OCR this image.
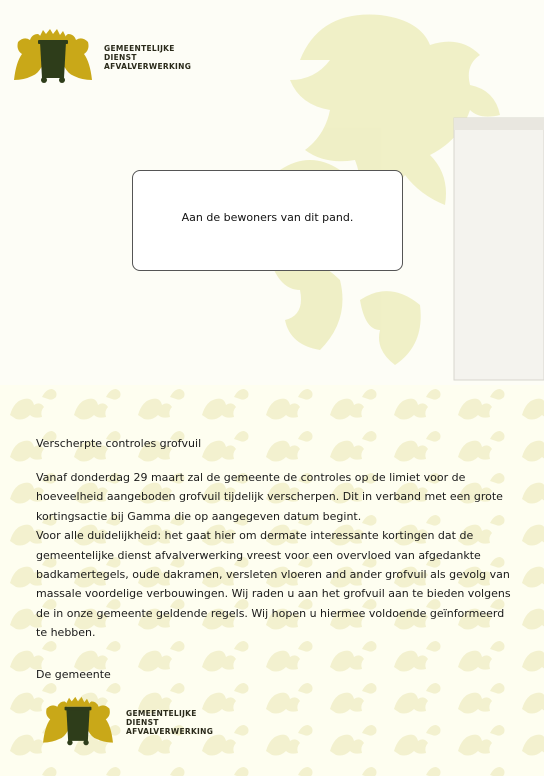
GEMEENTELIJKE
DIENST
AFVALVERWERKING
Aan de bewoners van dit pand.
Verscherpte controles grofvuil

Vanaf donderdag 29 maart zal de gemeente de controles op de limiet voor de hoeveelheid aangeboden grofvuil tijdelijk verscherpen. Dit in verband met een grote kortingsactie bij Gamma die op aangegeven datum begint.

Voor alle duidelijkheid: het gaat hier om dermate interessante kortingen dat de gemeentelijke dienst afvalverwerking vreest voor een overvloed van afgedankte badkamertegels, oude dakramen, versleten vloeren and ander grofvuil als gevolg van massale voordelige verbouwingen. Wij raden u aan het grofvuil aan te bieden volgens de in onze gemeente geldende regels. Wij hopen u hiermee voldoende geïnformeerd te hebben.

De gemeente
GEMEENTELIJKE
DIENST
AFVALVERWERKING
